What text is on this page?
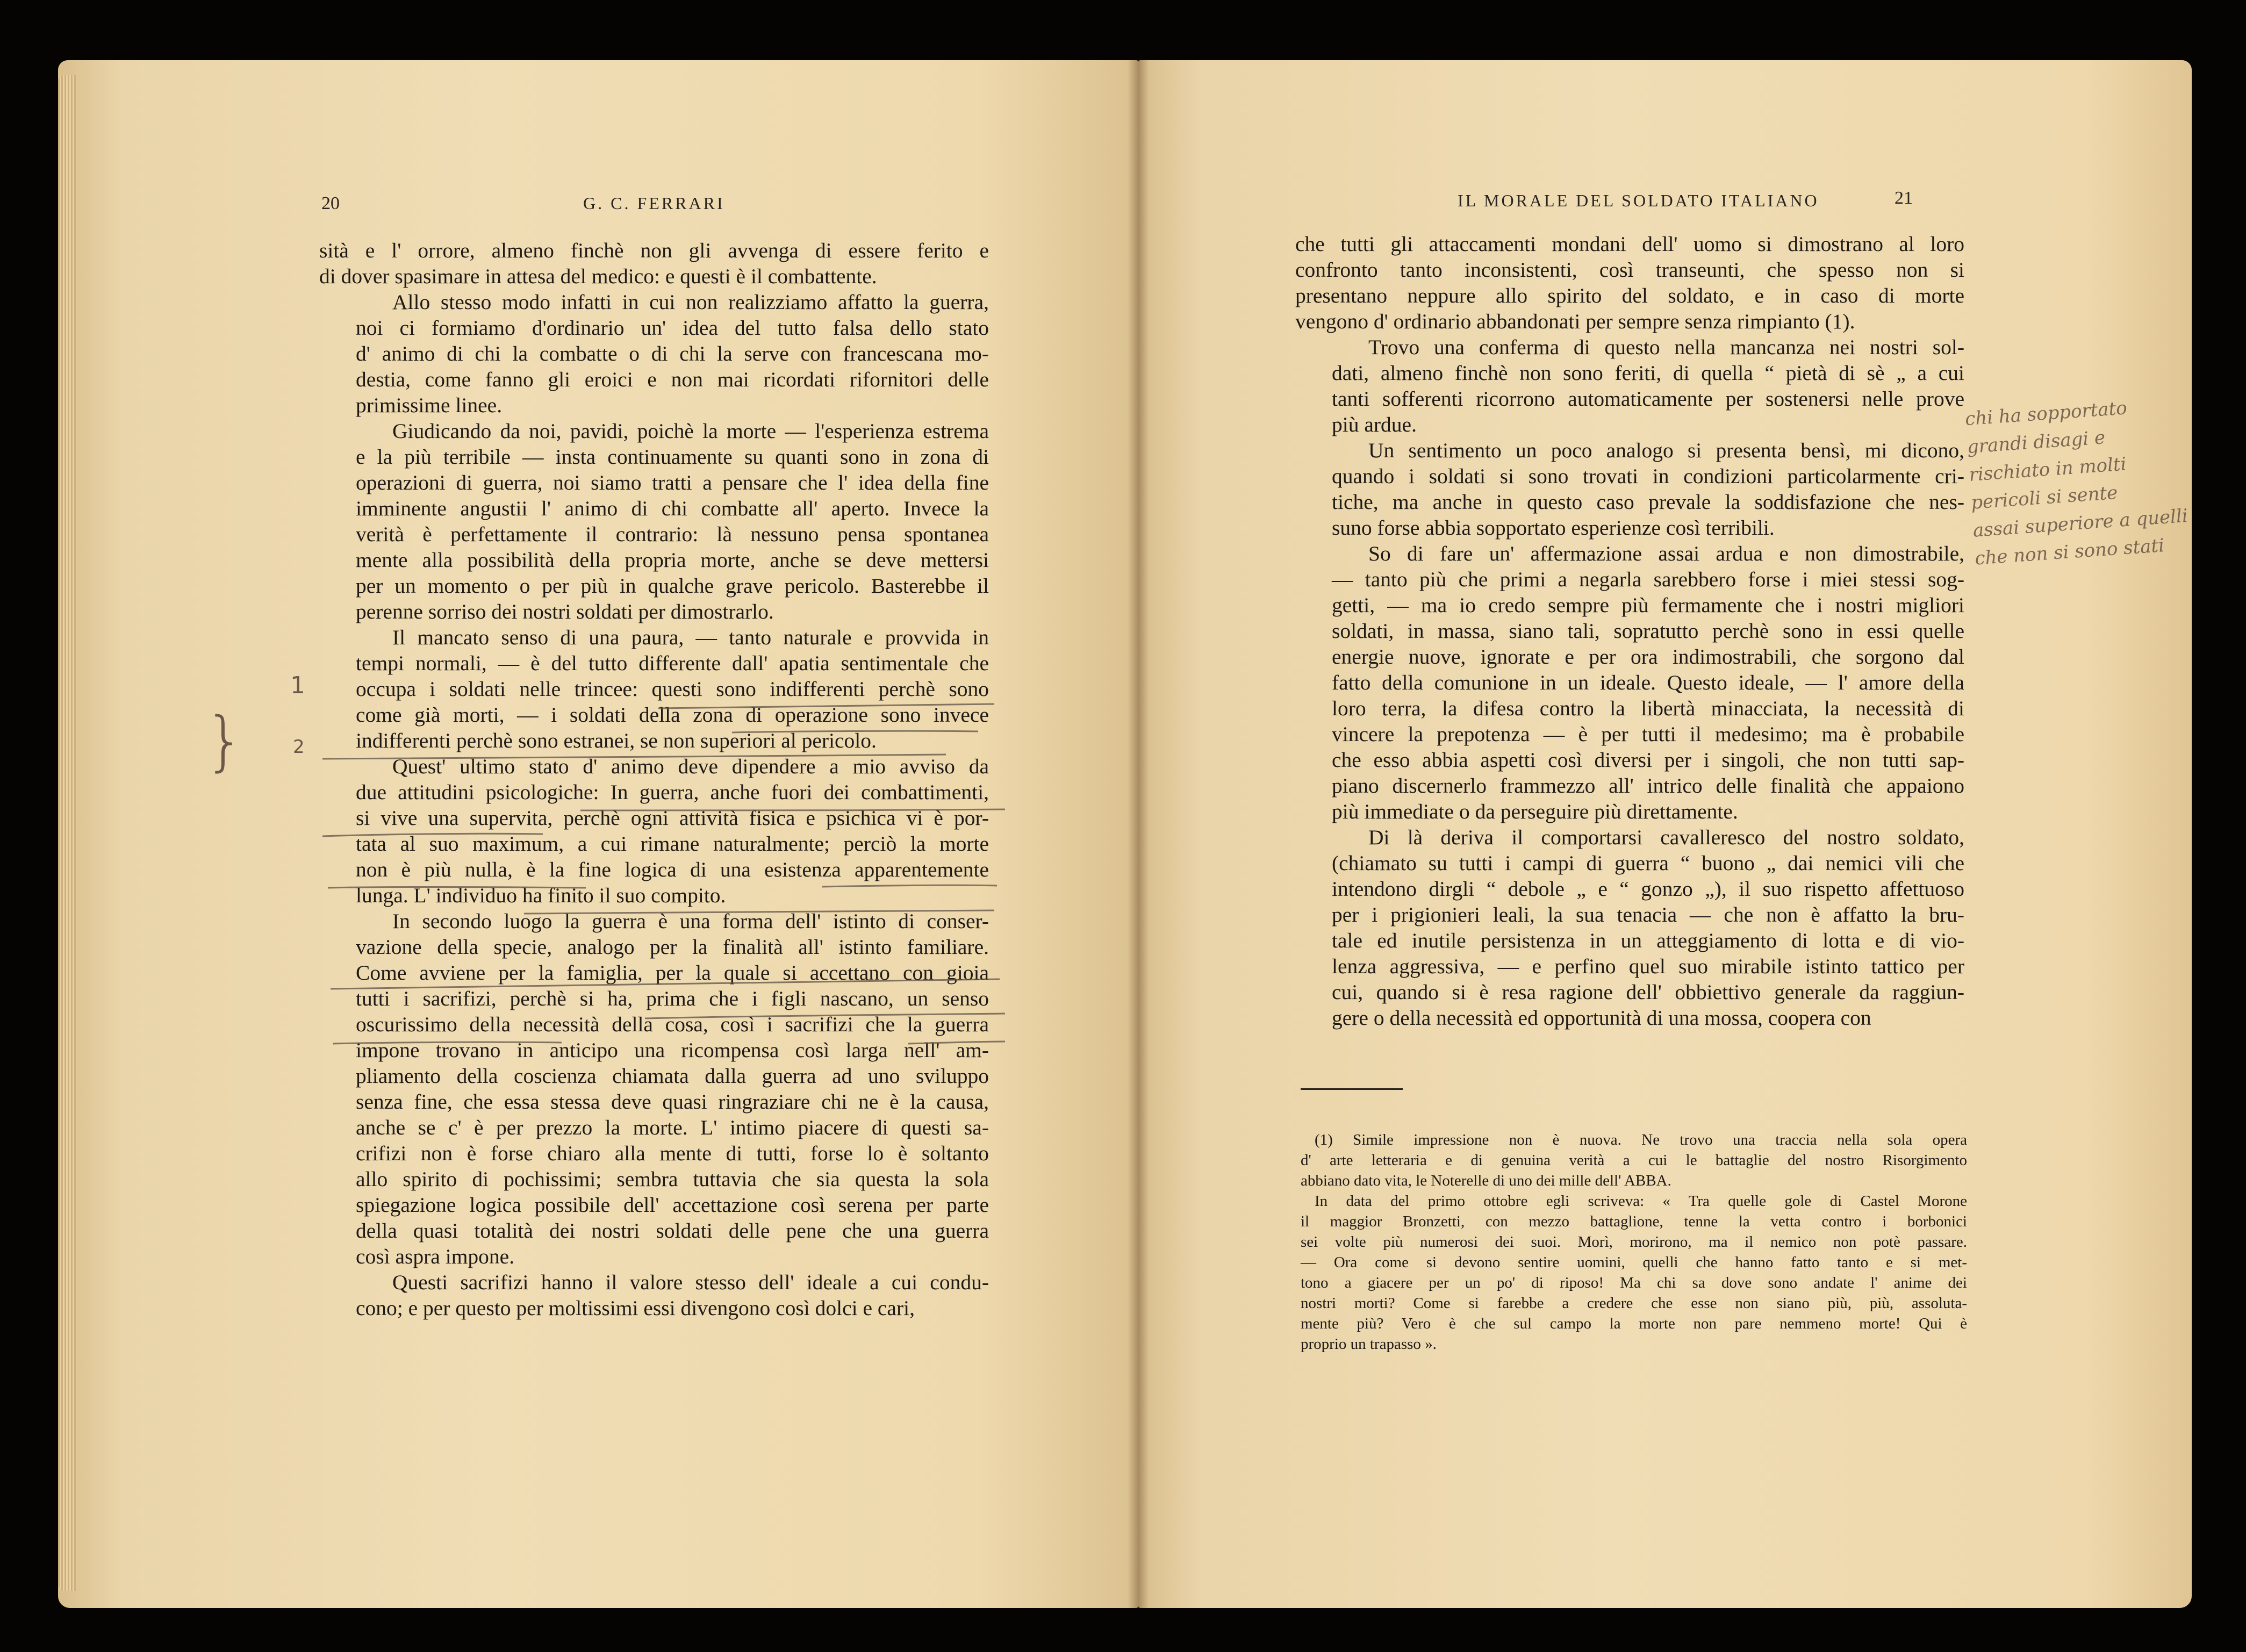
20	G. C. FERRARI	IL MORALE DEL SOLDATO ITALIANO	21

sità e l' orrore, almeno finchè non gli avvenga di essere ferito e
di dover spasimare in attesa del medico: e questi è il combattente.

Allo stesso modo infatti in cui non realizziamo affatto la guerra,
noi ci formiamo d'ordinario un' idea del tutto falsa dello stato
d' animo di chi la combatte o di chi la serve con francescana mo-
destia, come fanno gli eroici e non mai ricordati rifornitori delle
primissime linee.

Giudicando da noi, pavidi, poichè la morte — l'esperienza estrema
e la più terribile — insta continuamente su quanti sono in zona di
operazioni di guerra, noi siamo tratti a pensare che l' idea della fine
imminente angustii l' animo di chi combatte all' aperto. Invece la
verità è perfettamente il contrario: là nessuno pensa spontanea
mente alla possibilità della propria morte, anche se deve mettersi
per un momento o per più in qualche grave pericolo. Basterebbe il
perenne sorriso dei nostri soldati per dimostrarlo.

Il mancato senso di una paura, — tanto naturale e provvida in
tempi normali, — è del tutto differente dall' apatia sentimentale che
occupa i soldati nelle trincee: questi sono indifferenti perchè sono
come già morti, — i soldati della zona di operazione sono invece
indifferenti perchè sono estranei, se non superiori al pericolo.

Quest' ultimo stato d' animo deve dipendere a mio avviso da
due attitudini psicologiche: In guerra, anche fuori dei combattimenti,
si vive una supervita, perchè ogni attività fisica e psichica vi è por-
tata al suo maximum, a cui rimane naturalmente; perciò la morte
non è più nulla, è la fine logica di una esistenza apparentemente
lunga. L' individuo ha finito il suo compito.

In secondo luogo la guerra è una forma dell' istinto di conser-
vazione della specie, analogo per la finalità all' istinto familiare.
Come avviene per la famiglia, per la quale si accettano con gioia
tutti i sacrifizi, perchè si ha, prima che i figli nascano, un senso
oscurissimo della necessità della cosa, così i sacrifizi che la guerra
impone trovano in anticipo una ricompensa così larga nell' am-
pliamento della coscienza chiamata dalla guerra ad uno sviluppo
senza fine, che essa stessa deve quasi ringraziare chi ne è la causa,
anche se c' è per prezzo la morte. L' intimo piacere di questi sa-
crifizi non è forse chiaro alla mente di tutti, forse lo è soltanto
allo spirito di pochissimi; sembra tuttavia che sia questa la sola
spiegazione logica possibile dell' accettazione così serena per parte
della quasi totalità dei nostri soldati delle pene che una guerra
così aspra impone.

Questi sacrifizi hanno il valore stesso dell' ideale a cui condu-
cono; e per questo per moltissimi essi divengono così dolci e cari,

che tutti gli attaccamenti mondani dell' uomo si dimostrano al loro
confronto tanto inconsistenti, così transeunti, che spesso non si
presentano neppure allo spirito del soldato, e in caso di morte
vengono d' ordinario abbandonati per sempre senza rimpianto (1).

Trovo una conferma di questo nella mancanza nei nostri sol-
dati, almeno finchè non sono feriti, di quella “ pietà di sè „ a cui
tanti sofferenti ricorrono automaticamente per sostenersi nelle prove
più ardue.

Un sentimento un poco analogo si presenta bensì, mi dicono,
quando i soldati si sono trovati in condizioni particolarmente cri-
tiche, ma anche in questo caso prevale la soddisfazione che nes-
suno forse abbia sopportato esperienze così terribili.

So di fare un' affermazione assai ardua e non dimostrabile,
— tanto più che primi a negarla sarebbero forse i miei stessi sog-
getti, — ma io credo sempre più fermamente che i nostri migliori
soldati, in massa, siano tali, sopratutto perchè sono in essi quelle
energie nuove, ignorate e per ora indimostrabili, che sorgono dal
fatto della comunione in un ideale. Questo ideale, — l' amore della
loro terra, la difesa contro la libertà minacciata, la necessità di
vincere la prepotenza — è per tutti il medesimo; ma è probabile
che esso abbia aspetti così diversi per i singoli, che non tutti sap-
piano discernerlo frammezzo all' intrico delle finalità che appaiono
più immediate o da perseguire più direttamente.

Di là deriva il comportarsi cavalleresco del nostro soldato,
(chiamato su tutti i campi di guerra “ buono „ dai nemici vili che
intendono dirgli “ debole „ e “ gonzo „), il suo rispetto affettuoso
per i prigionieri leali, la sua tenacia — che non è affatto la bru-
tale ed inutile persistenza in un atteggiamento di lotta e di vio-
lenza aggressiva, — e perfino quel suo mirabile istinto tattico per
cui, quando si è resa ragione dell' obbiettivo generale da raggiun-
gere o della necessità ed opportunità di una mossa, coopera con

(1) Simile impressione non è nuova. Ne trovo una traccia nella sola opera
d' arte letteraria e di genuina verità a cui le battaglie del nostro Risorgimento
abbiano dato vita, le Noterelle di uno dei mille dell' ABBA.
In data del primo ottobre egli scriveva: « Tra quelle gole di Castel Morone
il maggior Bronzetti, con mezzo battaglione, tenne la vetta contro i borbonici
sei volte più numerosi dei suoi. Morì, morirono, ma il nemico non potè passare.
— Ora come si devono sentire uomini, quelli che hanno fatto tanto e si met-
tono a giacere per un po' di riposo! Ma chi sa dove sono andate l' anime dei
nostri morti? Come si farebbe a credere che esse non siano più, più, assoluta-
mente più? Vero è che sul campo la morte non pare nemmeno morte! Qui è
proprio un trapasso ».
chi ha sopportato
grandi disagi e
rischiato in molti
pericoli si sente
assai superiore a quelli
che non si sono stati
1
2
}
